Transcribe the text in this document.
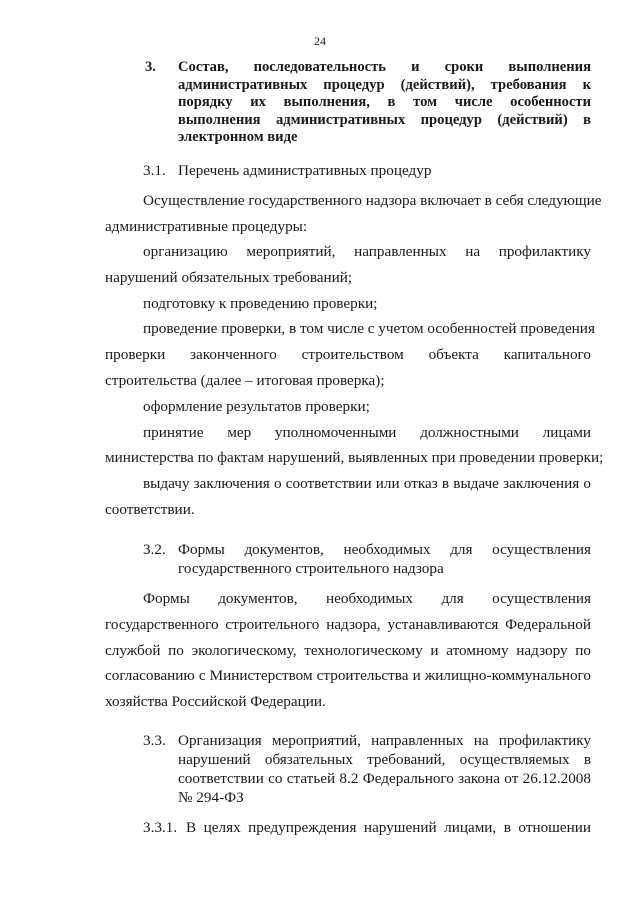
24
3. Состав, последовательность и сроки выполнения
административных процедур (действий), требования к
порядку их выполнения, в том числе особенности
выполнения административных процедур (действий) в
электронном виде
3.1. Перечень административных процедур
Осуществление государственного надзора включает в себя следующие
административные процедуры:
организацию мероприятий, направленных на профилактику
нарушений обязательных требований;
подготовку к проведению проверки;
проведение проверки, в том числе с учетом особенностей проведения
проверки законченного строительством объекта капитального
строительства (далее – итоговая проверка);
оформление результатов проверки;
принятие мер уполномоченными должностными лицами
министерства по фактам нарушений, выявленных при проведении проверки;
выдачу заключения о соответствии или отказ в выдаче заключения о
соответствии.
3.2. Формы документов, необходимых для осуществления
государственного строительного надзора
Формы документов, необходимых для осуществления
государственного строительного надзора, устанавливаются Федеральной
службой по экологическому, технологическому и атомному надзору по
согласованию с Министерством строительства и жилищно-коммунального
хозяйства Российской Федерации.
3.3. Организация мероприятий, направленных на профилактику
нарушений обязательных требований, осуществляемых в
соответствии со статьей 8.2 Федерального закона от 26.12.2008
№ 294-ФЗ
3.3.1. В целях предупреждения нарушений лицами, в отношении
